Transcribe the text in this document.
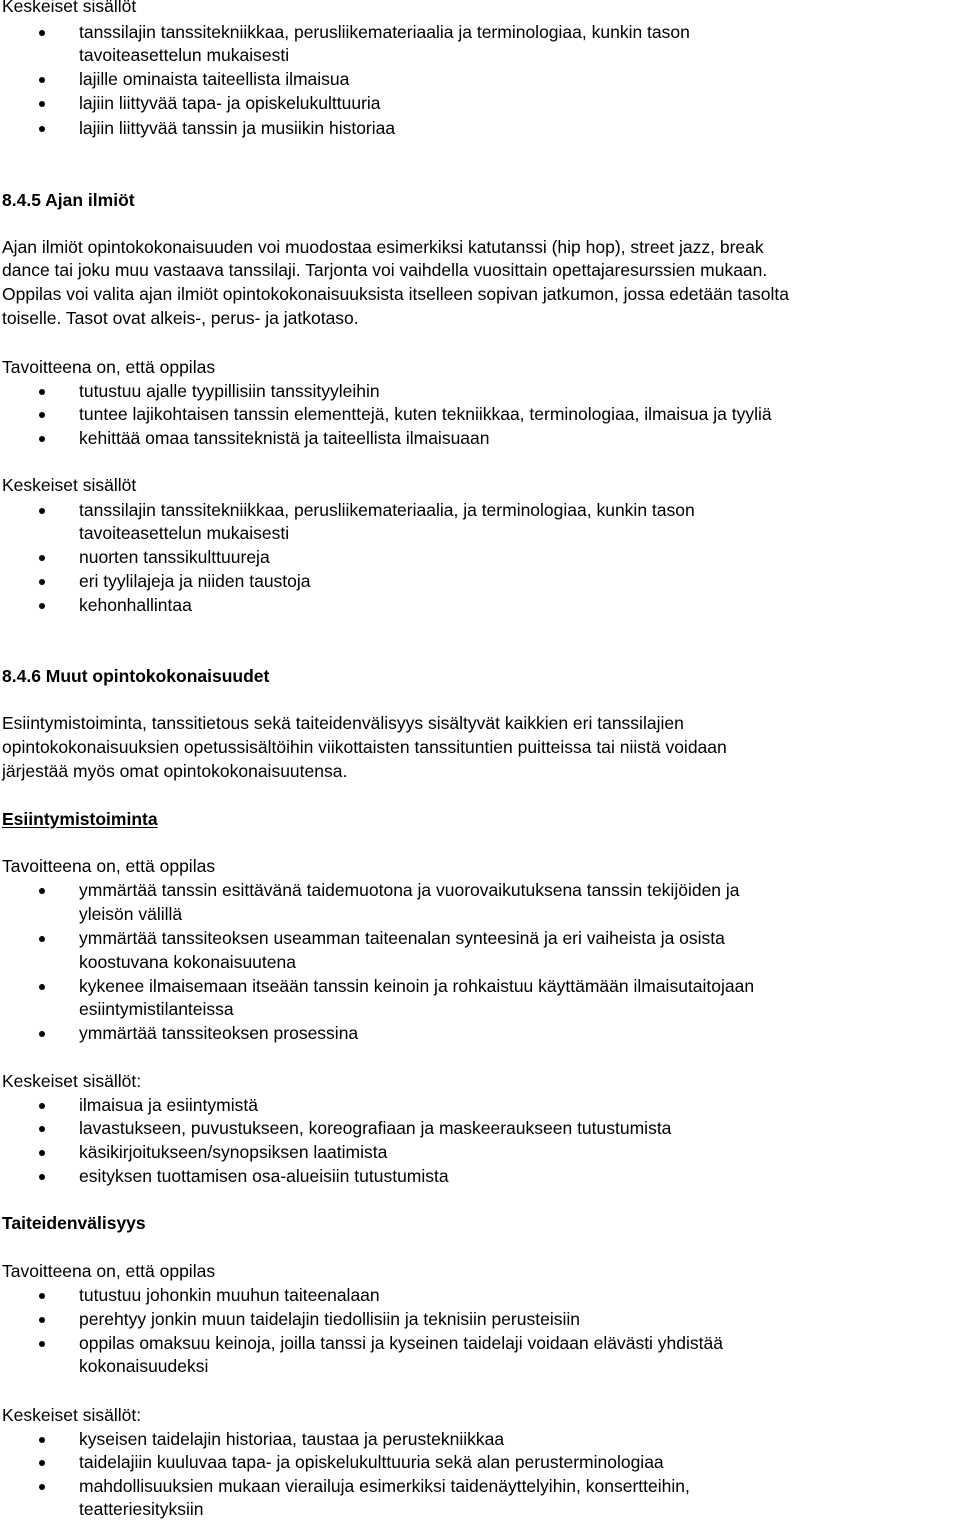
Keskeiset sisällöt

tanssilajin tanssitekniikkaa, perusliikemateriaalia ja terminologiaa, kunkin tason

tavoiteasettelun mukaisesti

lajille ominaista taiteellista ilmaisua

lajiin liittyvää tapa- ja opiskelukulttuuria

lajiin liittyvää tanssin ja musiikin historiaa

8.4.5 Ajan ilmiöt

Ajan ilmiöt opintokokonaisuuden voi muodostaa esimerkiksi katutanssi (hip hop), street jazz, break

dance tai joku muu vastaava tanssilaji. Tarjonta voi vaihdella vuosittain opettajaresurssien mukaan.

Oppilas voi valita ajan ilmiöt opintokokonaisuuksista itselleen sopivan jatkumon, jossa edetään tasolta

toiselle. Tasot ovat alkeis-, perus- ja jatkotaso.

Tavoitteena on, että oppilas

tutustuu ajalle tyypillisiin tanssityyleihin

tuntee lajikohtaisen tanssin elementtejä, kuten tekniikkaa, terminologiaa, ilmaisua ja tyyliä

kehittää omaa tanssiteknistä ja taiteellista ilmaisuaan

Keskeiset sisällöt

tanssilajin tanssitekniikkaa, perusliikemateriaalia, ja terminologiaa, kunkin tason

tavoiteasettelun mukaisesti

nuorten tanssikulttuureja

eri tyylilajeja ja niiden taustoja

kehonhallintaa

8.4.6 Muut opintokokonaisuudet

Esiintymistoiminta, tanssitietous sekä taiteidenvälisyys sisältyvät kaikkien eri tanssilajien

opintokokonaisuuksien opetussisältöihin viikottaisten tanssituntien puitteissa tai niistä voidaan

järjestää myös omat opintokokonaisuutensa.

Esiintymistoiminta

Tavoitteena on, että oppilas

ymmärtää tanssin esittävänä taidemuotona ja vuorovaikutuksena tanssin tekijöiden ja

yleisön välillä

ymmärtää tanssiteoksen useamman taiteenalan synteesinä ja eri vaiheista ja osista

koostuvana kokonaisuutena

kykenee ilmaisemaan itseään tanssin keinoin ja rohkaistuu käyttämään ilmaisutaitojaan

esiintymistilanteissa

ymmärtää tanssiteoksen prosessina

Keskeiset sisällöt:

ilmaisua ja esiintymistä

lavastukseen, puvustukseen, koreografiaan ja maskeeraukseen tutustumista

käsikirjoitukseen/synopsiksen laatimista

esityksen tuottamisen osa-alueisiin tutustumista

Taiteidenvälisyys

Tavoitteena on, että oppilas

tutustuu johonkin muuhun taiteenalaan

perehtyy jonkin muun taidelajin tiedollisiin ja teknisiin perusteisiin

oppilas omaksuu keinoja, joilla tanssi ja kyseinen taidelaji voidaan elävästi yhdistää

kokonaisuudeksi

Keskeiset sisällöt:

kyseisen taidelajin historiaa, taustaa ja perustekniikkaa

taidelajiin kuuluvaa tapa- ja opiskelukulttuuria sekä alan perusterminologiaa

mahdollisuuksien mukaan vierailuja esimerkiksi taidenäyttelyihin, konsertteihin,

teatteriesityksiin
